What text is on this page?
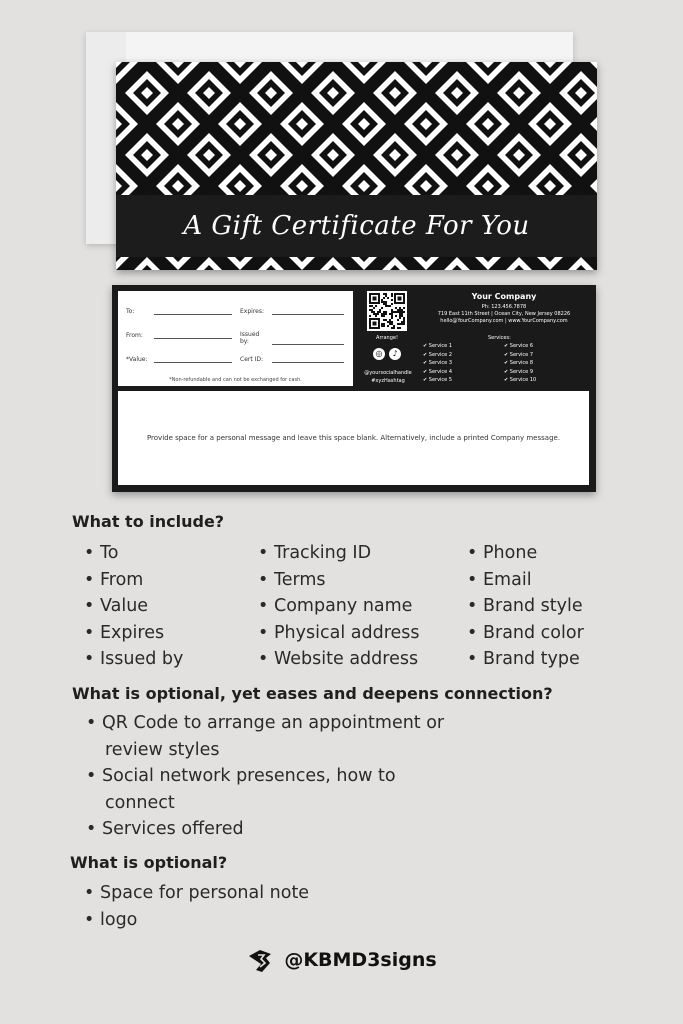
A Gift Certificate For You
To:	Expires:
From:	Issued by:
*Value:	Cert ID:
*Non-refundable and can not be exchanged for cash.
Arrange!
◎	♪
@yoursocialhandle
#xyzHashtag
Your Company
Ph: 123.456.7878
719 East 11th Street | Ocean City, New Jersey 08226
hello@YourCompany.com | www.YourCompany.com
Services:
✔ Service 1
✔ Service 2
✔ Service 3
✔ Service 4
✔ Service 5
✔ Service 6
✔ Service 7
✔ Service 8
✔ Service 9
✔ Service 10
Provide space for a personal message and leave this space blank. Alternatively, include a printed Company message.
What to include?
• To
• From
• Value
• Expires
• Issued by
• Tracking ID
• Terms
• Company name
• Physical address
• Website address
• Phone
• Email
• Brand style
• Brand color
• Brand type
What is optional, yet eases and deepens connection?
• QR Code to arrange an appointment or
review styles
• Social network presences, how to
connect
• Services offered
What is optional?
• Space for personal note
• logo
@KBMD3signs
